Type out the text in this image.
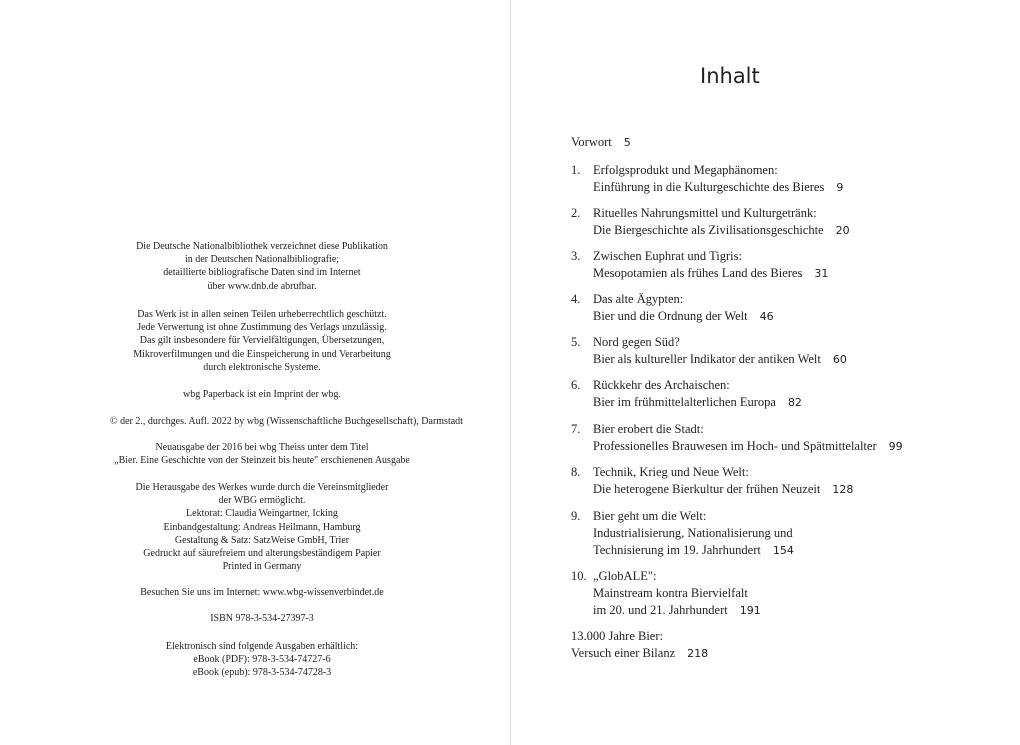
Die Deutsche Nationalbibliothek verzeichnet diese Publikation
in der Deutschen Nationalbibliografie;
detaillierte bibliografische Daten sind im Internet
über www.dnb.de abrufbar.
Das Werk ist in allen seinen Teilen urheberrechtlich geschützt.
Jede Verwertung ist ohne Zustimmung des Verlags unzulässig.
Das gilt insbesondere für Vervielfältigungen, Übersetzungen,
Mikroverfilmungen und die Einspeicherung in und Verarbeitung
durch elektronische Systeme.
wbg Paperback ist ein Imprint der wbg.
© der 2., durchges. Aufl. 2022 by wbg (Wissenschaftliche Buchgesellschaft), Darmstadt
Neuausgabe der 2016 bei wbg Theiss unter dem Titel
„Bier. Eine Geschichte von der Steinzeit bis heute" erschienenen Ausgabe
Die Herausgabe des Werkes wurde durch die Vereinsmitglieder
der WBG ermöglicht.
Lektorat: Claudia Weingartner, Icking
Einbandgestaltung: Andreas Heilmann, Hamburg
Gestaltung & Satz: SatzWeise GmbH, Trier
Gedruckt auf säurefreiem und alterungsbeständigem Papier
Printed in Germany
Besuchen Sie uns im Internet: www.wbg-wissenverbindet.de
ISBN 978-3-534-27397-3
Elektronisch sind folgende Ausgaben erhältlich:
eBook (PDF): 978-3-534-74727-6
eBook (epub): 978-3-534-74728-3
Inhalt
Vorwort 5
1. Erfolgsprodukt und Megaphänomen:
Einführung in die Kulturgeschichte des Bieres 9
2. Rituelles Nahrungsmittel und Kulturgetränk:
Die Biergeschichte als Zivilisationsgeschichte 20
3. Zwischen Euphrat und Tigris:
Mesopotamien als frühes Land des Bieres 31
4. Das alte Ägypten:
Bier und die Ordnung der Welt 46
5. Nord gegen Süd?
Bier als kultureller Indikator der antiken Welt 60
6. Rückkehr des Archaischen:
Bier im frühmittelalterlichen Europa 82
7. Bier erobert die Stadt:
Professionelles Brauwesen im Hoch- und Spätmittelalter 99
8. Technik, Krieg und Neue Welt:
Die heterogene Bierkultur der frühen Neuzeit 128
9. Bier geht um die Welt:
Industrialisierung, Nationalisierung und
Technisierung im 19. Jahrhundert 154
10. „GlobALE":
Mainstream kontra Biervielfalt
im 20. und 21. Jahrhundert 191
13.000 Jahre Bier:
Versuch einer Bilanz 218
